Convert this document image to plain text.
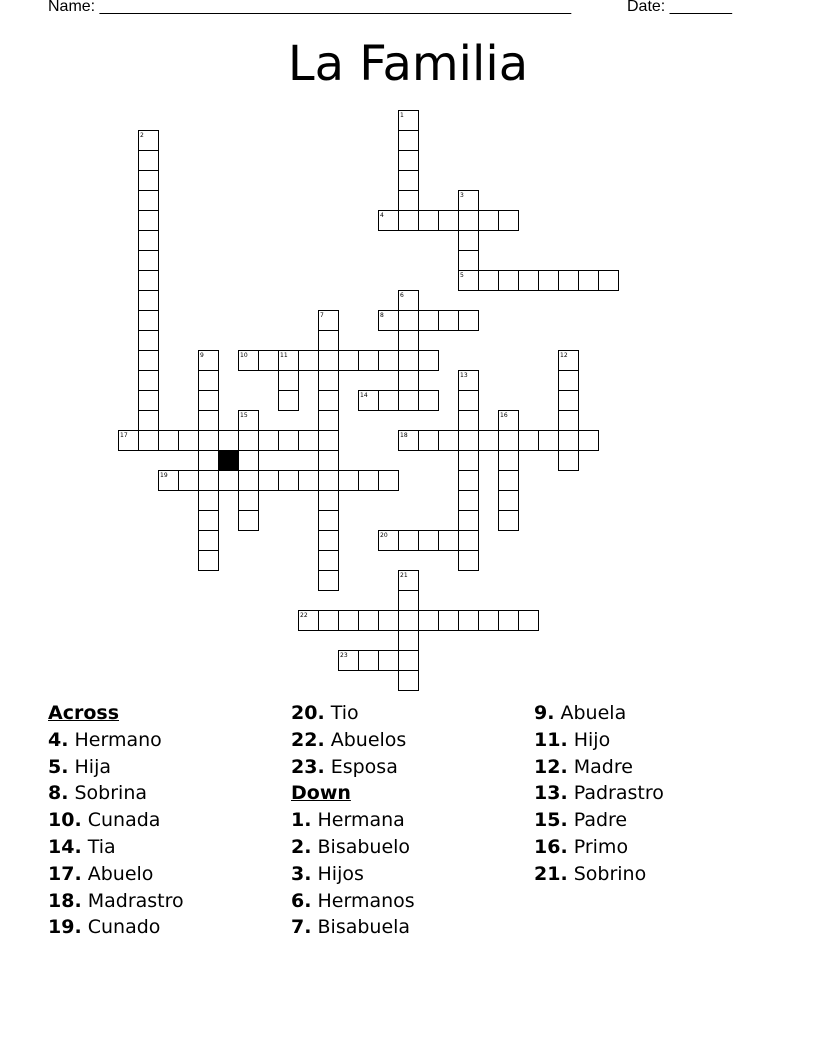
Name: _____________________________________________________	Date: _______
La Familia
1
2
3
4
5
6
7	8
9	10	11	12
13
14
15	16
17	18
19
20
21
22
23
Across
4. Hermano
5. Hija
8. Sobrina
10. Cunada
14. Tia
17. Abuelo
18. Madrastro
19. Cunado
20. Tio
22. Abuelos
23. Esposa
Down
1. Hermana
2. Bisabuelo
3. Hijos
6. Hermanos
7. Bisabuela
9. Abuela
11. Hijo
12. Madre
13. Padrastro
15. Padre
16. Primo
21. Sobrino
